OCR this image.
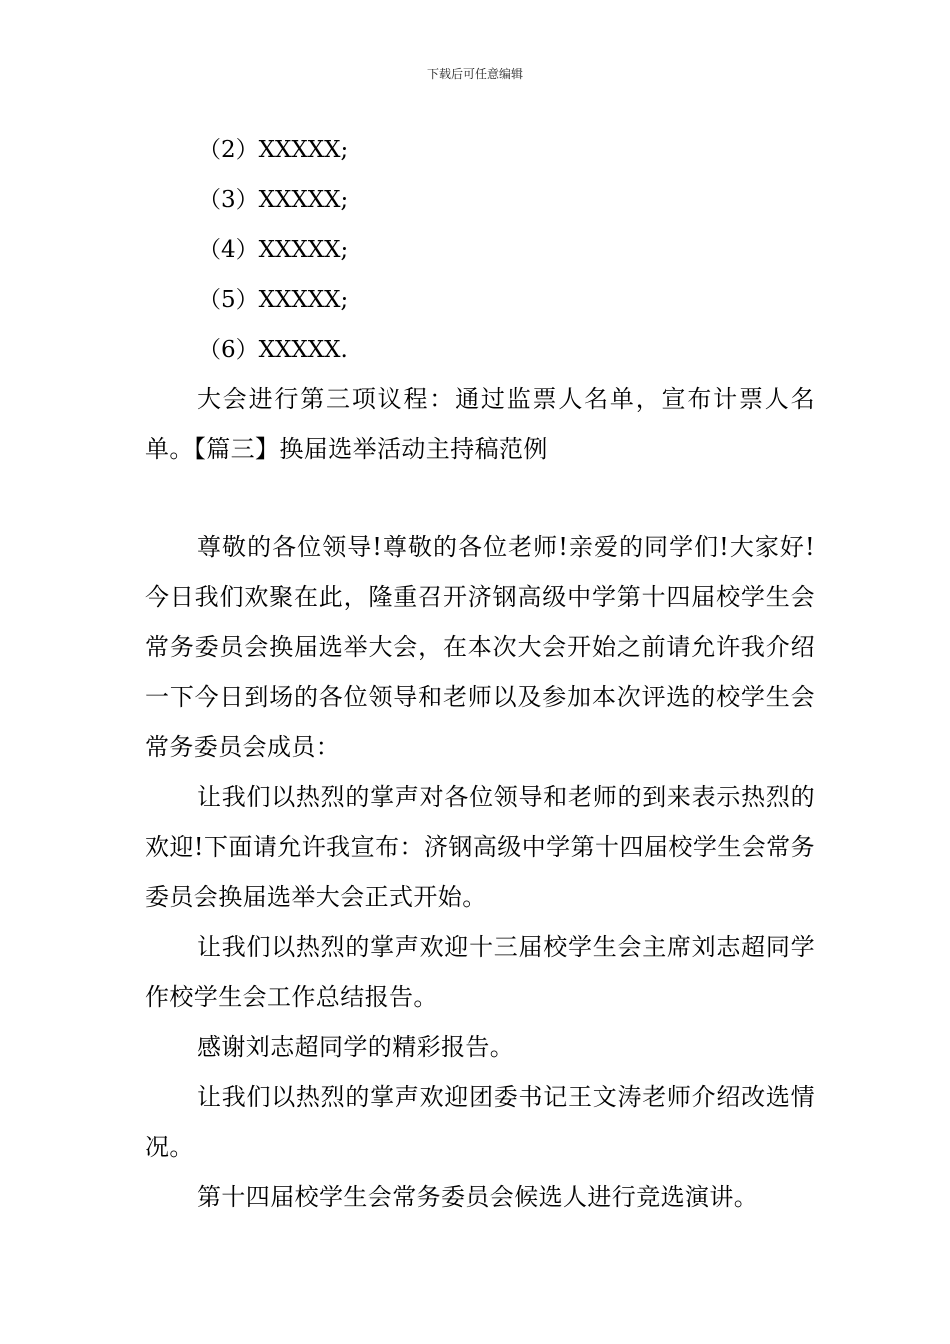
下载后可任意编辑
（2）XXXXX;
（3）XXXXX;
（4）XXXXX;
（5）XXXXX;
（6）XXXXX.

大会进行第三项议程：通过监票人名单，宣布计票人名单。【篇三】换届选举活动主持稿范例

尊敬的各位领导!尊敬的各位老师!亲爱的同学们!大家好!今日我们欢聚在此，隆重召开济钢高级中学第十四届校学生会常务委员会换届选举大会，在本次大会开始之前请允许我介绍一下今日到场的各位领导和老师以及参加本次评选的校学生会常务委员会成员：

让我们以热烈的掌声对各位领导和老师的到来表示热烈的欢迎!下面请允许我宣布：济钢高级中学第十四届校学生会常务委员会换届选举大会正式开始。

让我们以热烈的掌声欢迎十三届校学生会主席刘志超同学作校学生会工作总结报告。

感谢刘志超同学的精彩报告。

让我们以热烈的掌声欢迎团委书记王文涛老师介绍改选情况。

第十四届校学生会常务委员会候选人进行竞选演讲。
